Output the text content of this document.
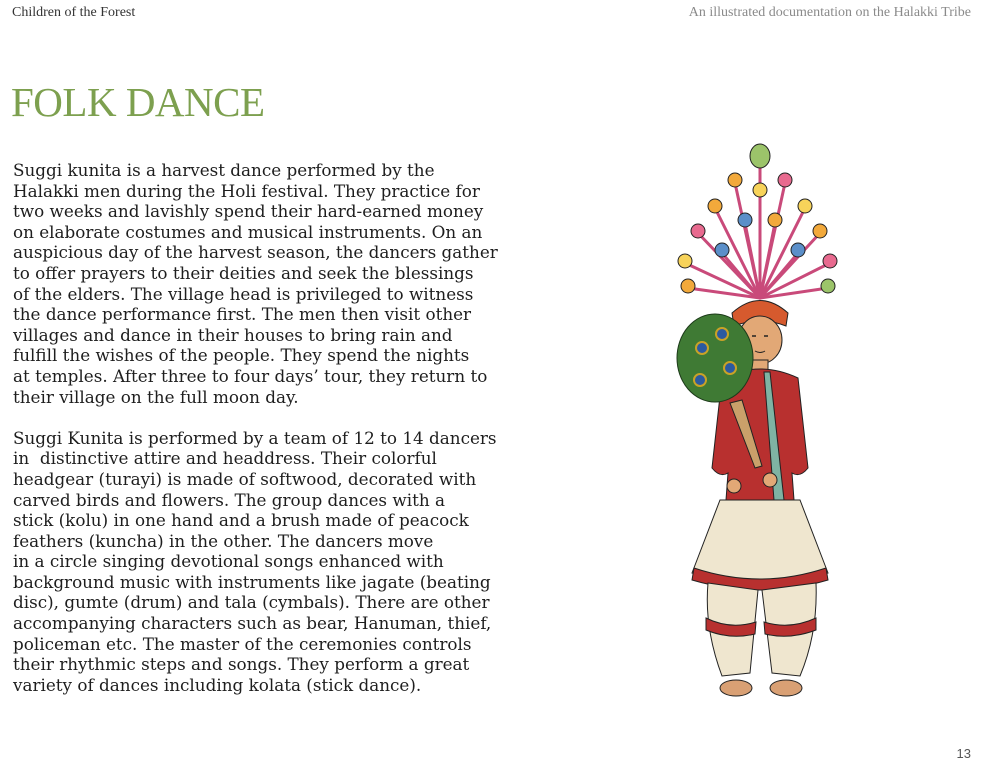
Children of the Forest	An illustrated documentation on the Halakki Tribe
FOLK DANCE

Suggi kunita is a harvest dance performed by the
Halakki men during the Holi festival. They practice for
two weeks and lavishly spend their hard-earned money
on elaborate costumes and musical instruments. On an
auspicious day of the harvest season, the dancers gather
to offer prayers to their deities and seek the blessings
of the elders. The village head is privileged to witness
the dance performance first. The men then visit other
villages and dance in their houses to bring rain and
fulfill the wishes of the people. They spend the nights
at temples. After three to four days’ tour, they return to
their village on the full moon day.

Suggi Kunita is performed by a team of 12 to 14 dancers
in  distinctive attire and headdress. Their colorful
headgear (turayi) is made of softwood, decorated with
carved birds and flowers. The group dances with a
stick (kolu) in one hand and a brush made of peacock
feathers (kuncha) in the other. The dancers move
in a circle singing devotional songs enhanced with
background music with instruments like jagate (beating
disc), gumte (drum) and tala (cymbals). There are other
accompanying characters such as bear, Hanuman, thief,
policeman etc. The master of the ceremonies controls
their rhythmic steps and songs. They perform a great
variety of dances including kolata (stick dance).

13
